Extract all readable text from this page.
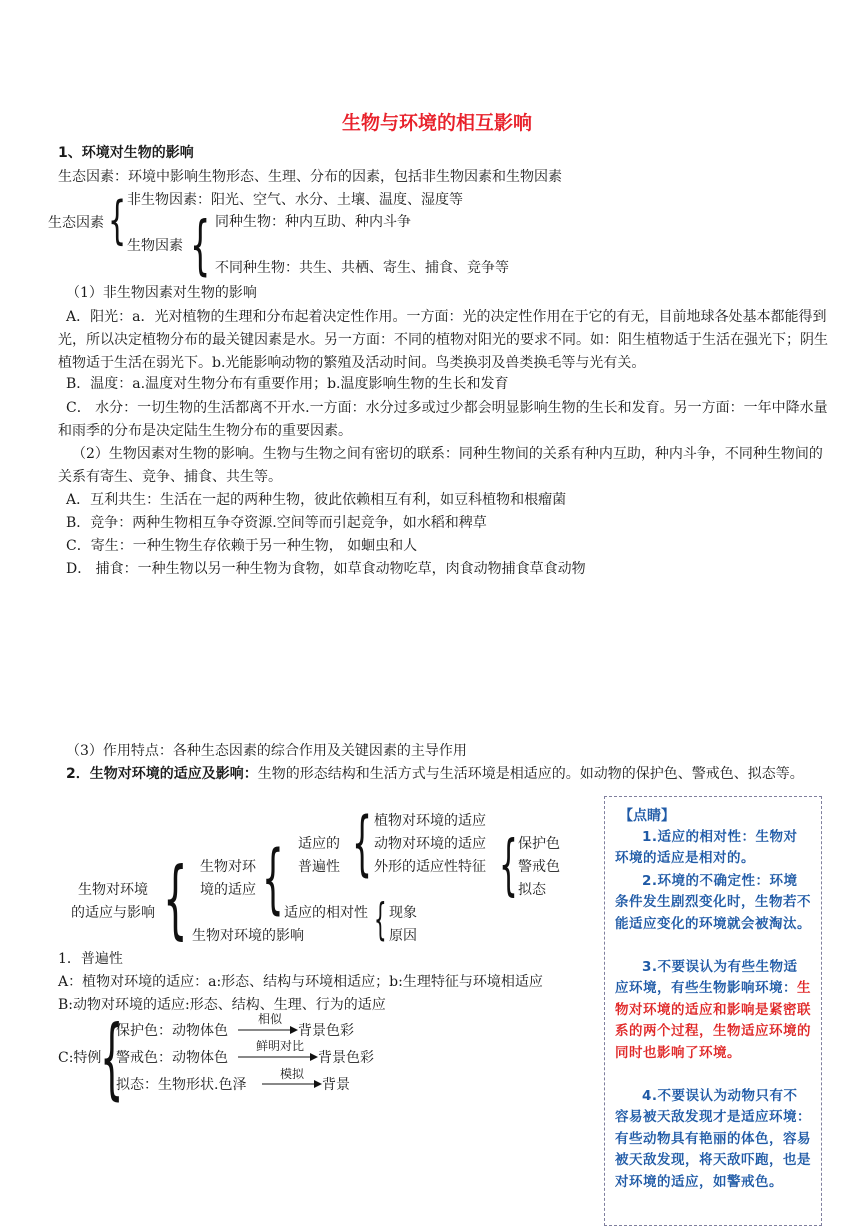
生物与环境的相互影响
1、环境对生物的影响
生态因素：环境中影响生物形态、生理、分布的因素，包括非生物因素和生物因素
生态因素 { 非生物因素：阳光、空气、水分、土壤、温度、湿度等
生物因素 { 同种生物：种内互助、种内斗争
不同种生物：共生、共栖、寄生、捕食、竞争等
（1）非生物因素对生物的影响
A．阳光：a．光对植物的生理和分布起着决定性作用。一方面：光的决定性作用在于它的有无，目前地球各处基本都能得到光，所以决定植物分布的最关键因素是水。另一方面：不同的植物对阳光的要求不同。如：阳生植物适于生活在强光下；阴生植物适于生活在弱光下。b.光能影响动物的繁殖及活动时间。鸟类换羽及兽类换毛等与光有关。
B．温度：a.温度对生物分布有重要作用；b.温度影响生物的生长和发育
C． 水分：一切生物的生活都离不开水.一方面：水分过多或过少都会明显影响生物的生长和发育。另一方面：一年中降水量和雨季的分布是决定陆生生物分布的重要因素。
（2）生物因素对生物的影响。生物与生物之间有密切的联系：同种生物间的关系有种内互助，种内斗争，不同种生物间的关系有寄生、竞争、捕食、共生等。
A．互利共生：生活在一起的两种生物，彼此依赖相互有利，如豆科植物和根瘤菌
B．竞争：两种生物相互争夺资源.空间等而引起竞争，如水稻和稗草
C．寄生：一种生物生存依赖于另一种生物， 如蛔虫和人
D． 捕食：一种生物以另一种生物为食物，如草食动物吃草，肉食动物捕食草食动物
（3）作用特点：各种生态因素的综合作用及关键因素的主导作用
2．生物对环境的适应及影响：生物的形态结构和生活方式与生活环境是相适应的。如动物的保护色、警戒色、拟态等。
生物对环境
的适应与影响 { 生物对环
境的适应
生物对环境的影响
{ 适应的
普遍性
适应的相对性
{ 植物对环境的适应
动物对环境的适应
外形的适应性特征 { 保护色
警戒色
拟态
{ 现象
原因
1．普遍性
A：植物对环境的适应：a:形态、结构与环境相适应；b:生理特征与环境相适应
B:动物对环境的适应:形态、结构、生理、行为的适应
C:特例
{
保护色：动物体色
相似
背景色彩
警戒色：动物体色
鲜明对比
背景色彩
拟态：生物形状.色泽
模拟
背景
【点睛】
1.适应的相对性：生物对环境的适应是相对的。
2.环境的不确定性：环境条件发生剧烈变化时，生物若不能适应变化的环境就会被淘汰。
3.不要误认为有些生物适应环境，有些生物影响环境：生物对环境的适应和影响是紧密联系的两个过程，生物适应环境的同时也影响了环境。
4.不要误认为动物只有不容易被天敌发现才是适应环境：有些动物具有艳丽的体色，容易被天敌发现，将天敌吓跑，也是对环境的适应，如警戒色。
